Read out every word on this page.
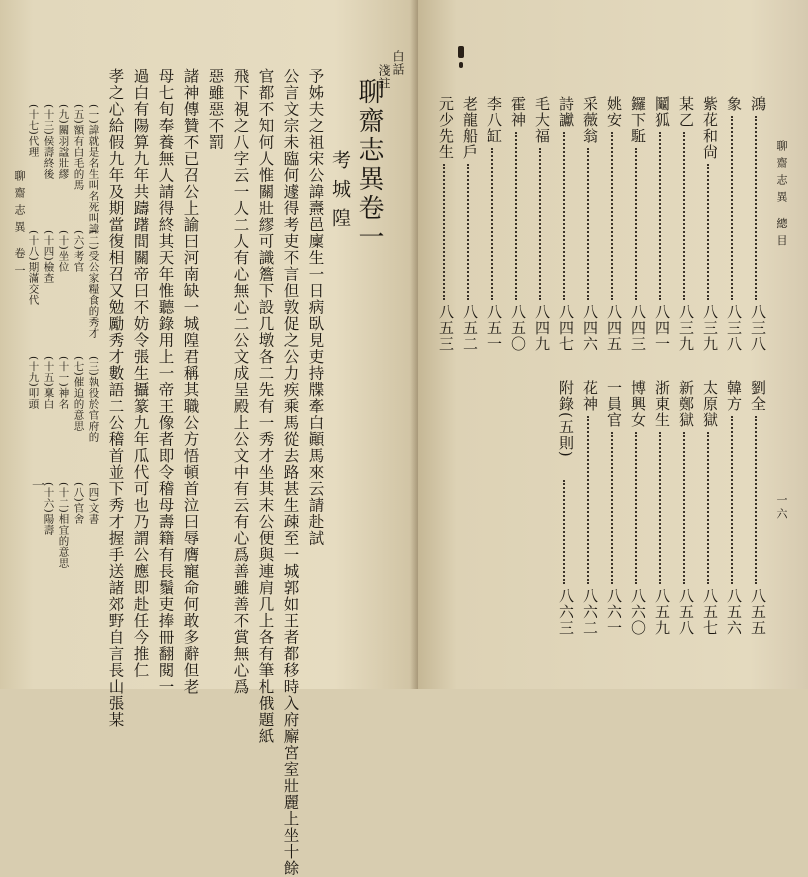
聊齋志異 卷一
一
(一)諱就是名生叫名死叫諱
(二)受公家糧食的秀才
(三)執役於官府的
(四)文書
(五)額有白毛的馬
(六)考官
(七)催迫的意思
(八)官舍
(九)關羽諡壯繆
(十)坐位
(十一)神名
(十二)相宜的意思
(十三)侯壽終後
(十四)檢查
(十五)稟白
(十六)陽壽
(十七)代理
(十八)期滿交代
(十九)叩頭	予姊夫之祖宋公諱燾邑廩生一日病臥見吏持牒牽白顚馬來云請赴試
公言文宗未臨何遽得考吏不言但敦促之公力疾乘馬從去路甚生疎至一城郭如王者都移時入府廨宮室壯麗上坐十餘
官都不知何人惟關壯繆可識簷下設几墩各二先有一秀才坐其末公便與連肩几上各有筆札俄題紙
飛下視之八字云一人二人有心無心二公文成呈殿上公文中有云有心爲善雖善不賞無心爲
惡雖惡不罰
諸神傳贊不已召公上諭曰河南缺一城隍君稱其職公方悟頓首泣曰辱膺寵命何敢多辭但老
母七旬奉養無人請得終其天年惟聽錄用上一帝王像者即令稽母壽籍有長鬚吏捧冊翻閱一
過白有陽算九年共躊躇間關帝曰不妨令張生攝篆九年瓜代可也乃謂公應即赴任今推仁
孝之心給假九年及期當復相召又勉勵秀才數語二公稽首並下秀才握手送諸郊野自言長山張某	聊齋志異卷一
白話
淺註
考城隍
鴻
八三八
象
八三八
紫花和尙
八三九
某乙
八三九
鬮狐
八四一
鑼下駈
八四三
姚安
八四五
采薇翁
八四六
詩讞
八四七
毛大福
八四九
霍神
八五〇
李八缸
八五一
老龍船戶
八五二
元少先生
八五三
劉全
八五五
韓方
八五六
太原獄
八五七
新鄭獄
八五八
浙東生
八五九
博興女
八六〇
一員官
八六一
花神
八六二
附錄(五則)
八六三
聊齋志異 總目
一六
